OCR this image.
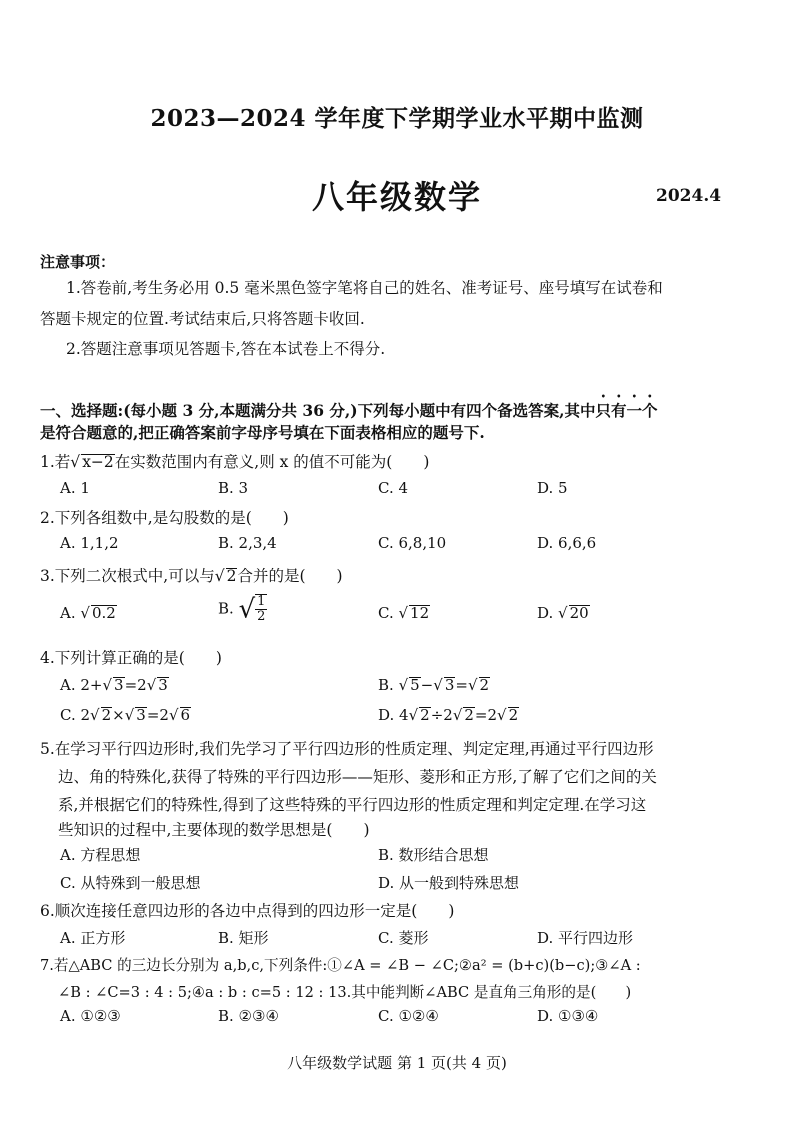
2023—2024 学年度下学期学业水平期中监测
八年级数学	2024.4
注意事项：
1.答卷前,考生务必用 0.5 毫米黑色签字笔将自己的姓名、准考证号、座号填写在试卷和
答题卡规定的位置.考试结束后,只将答题卡收回.
2.答题注意事项见答题卡,答在本试卷上不得分.
一、选择题:(每小题 3 分,本题满分共 36 分,)下列每小题中有四个备选答案,其中只有一个
是符合题意的,把正确答案前字母序号填在下面表格相应的题号下.
1.若√ x−2在实数范围内有意义,则 x 的值不可能为(　　)
A. 1	B. 3	C. 4	D. 5
2.下列各组数中,是勾股数的是(　　)
A. 1,1,2	B. 2,3,4	C. 6,8,10	D. 6,6,6
3.下列二次根式中,可以与√ 2合并的是(　　)
A. √ 0.2	B. √ $\frac{1}{2}$	C. √ 12	D. √ 20
4.下列计算正确的是(　　)
A. 2+√ 3=2√ 3	B. √ 5−√ 3=√ 2
C. 2√ 2×√ 3=2√ 6	D. 4√ 2÷2√ 2=2√ 2
5.在学习平行四边形时,我们先学习了平行四边形的性质定理、判定定理,再通过平行四边形
边、角的特殊化,获得了特殊的平行四边形——矩形、菱形和正方形,了解了它们之间的关
系,并根据它们的特殊性,得到了这些特殊的平行四边形的性质定理和判定定理.在学习这
些知识的过程中,主要体现的数学思想是(　　)
A. 方程思想	B. 数形结合思想
C. 从特殊到一般思想	D. 从一般到特殊思想
6.顺次连接任意四边形的各边中点得到的四边形一定是(　　)
A. 正方形	B. 矩形	C. 菱形	D. 平行四边形
7.若△ABC 的三边长分别为 a,b,c,下列条件:①∠A = ∠B − ∠C;②a² = (b+c)(b−c);③∠A :
∠B : ∠C=3 : 4 : 5;④a : b : c=5 : 12 : 13.其中能判断∠ABC 是直角三角形的是(　　)
A. ①②③	B. ②③④	C. ①②④	D. ①③④
八年级数学试题 第 1 页(共 4 页)
